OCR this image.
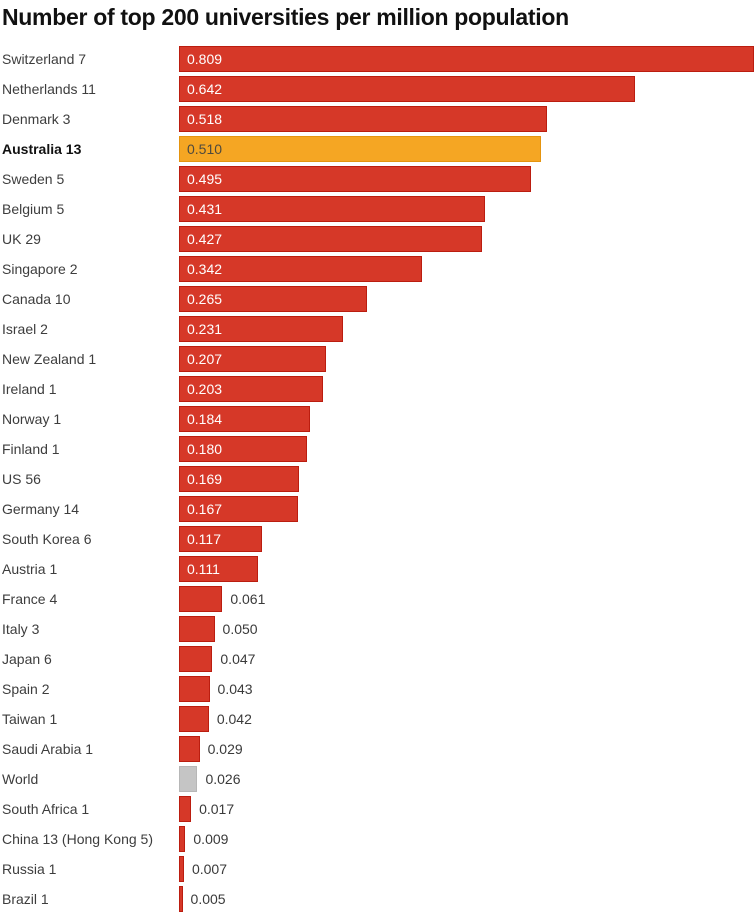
Number of top 200 universities per million population
Switzerland 7	0.809
Netherlands 11	0.642
Denmark 3	0.518
Australia 13	0.510
Sweden 5	0.495
Belgium 5	0.431
UK 29	0.427
Singapore 2	0.342
Canada 10	0.265
Israel 2	0.231
New Zealand 1	0.207
Ireland 1	0.203
Norway 1	0.184
Finland 1	0.180
US 56	0.169
Germany 14	0.167
South Korea 6	0.117
Austria 1	0.111
France 4	0.061
Italy 3	0.050
Japan 6	0.047
Spain 2	0.043
Taiwan 1	0.042
Saudi Arabia 1	0.029
World	0.026
South Africa 1	0.017
China 13 (Hong Kong 5)	0.009
Russia 1	0.007
Brazil 1	0.005
